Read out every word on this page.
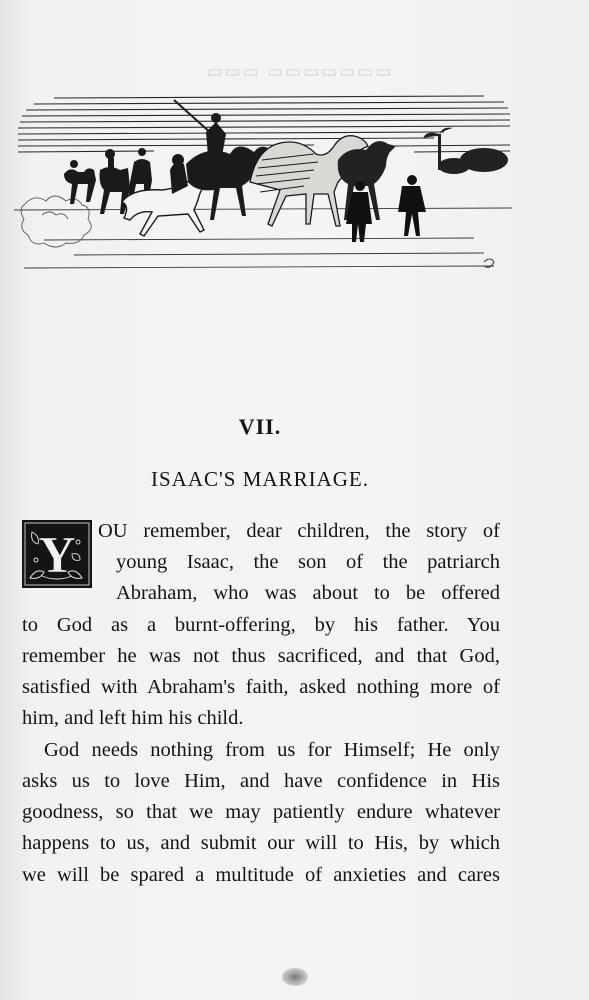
▭▭▭ ▭▭▭▭▭▭▭
VII.
ISAAC'S MARRIAGE.
Y OU remember, dear children, the story of
young Isaac, the son of the patriarch
Abraham, who was about to be offered
to God as a burnt-offering, by his father. You
remember he was not thus sacrificed, and that God,
satisfied with Abraham's faith, asked nothing more of
him, and left him his child.
God needs nothing from us for Himself; He only
asks us to love Him, and have confidence in His
goodness, so that we may patiently endure whatever
happens to us, and submit our will to His, by which
we will be spared a multitude of anxieties and cares
